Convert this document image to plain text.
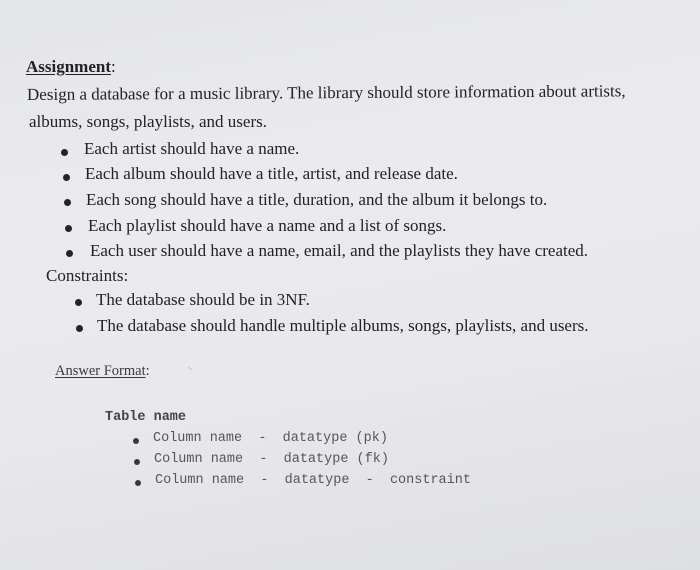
Assignment:
Design a database for a music library. The library should store information about artists,
albums, songs, playlists, and users.
Each artist should have a name.
Each album should have a title, artist, and release date.
Each song should have a title, duration, and the album it belongs to.
Each playlist should have a name and a list of songs.
Each user should have a name, email, and the playlists they have created.
Constraints:
The database should be in 3NF.
The database should handle multiple albums, songs, playlists, and users.
Answer Format:
Table name
Column name  -  datatype (pk)
Column name  -  datatype (fk)
Column name  -  datatype  -  constraint
